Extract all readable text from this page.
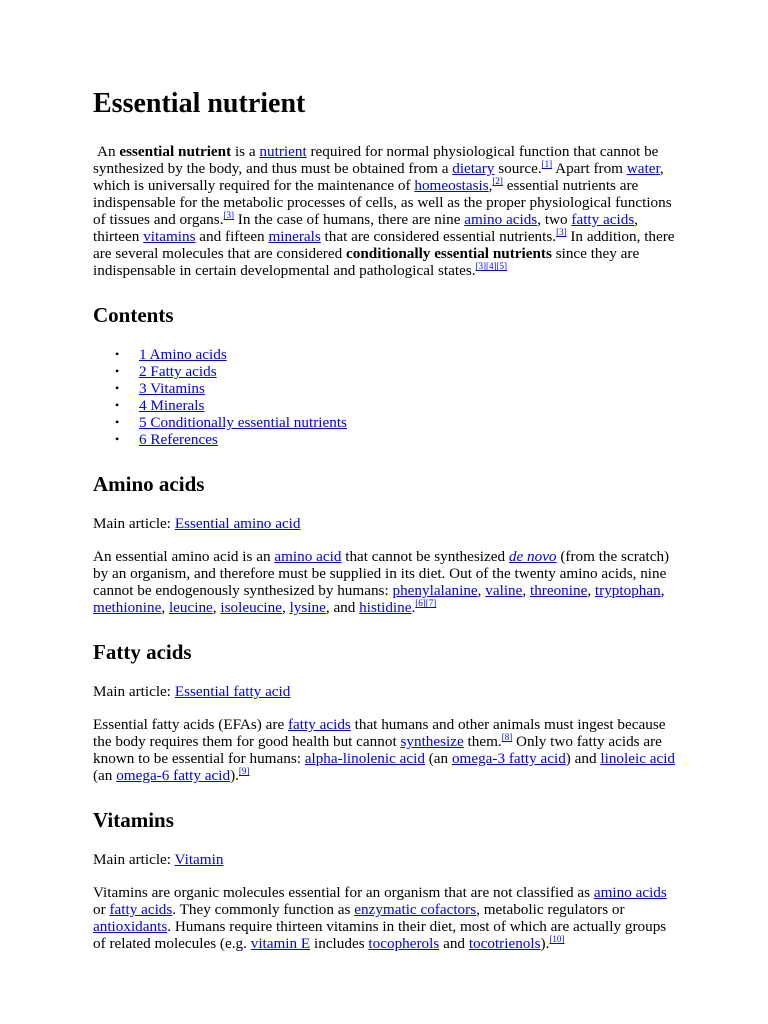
Essential nutrient

An essential nutrient is a nutrient required for normal physiological function that cannot be synthesized by the body, and thus must be obtained from a dietary source.[1] Apart from water, which is universally required for the maintenance of homeostasis,[2] essential nutrients are indispensable for the metabolic processes of cells, as well as the proper physiological functions of tissues and organs.[3] In the case of humans, there are nine amino acids, two fatty acids, thirteen vitamins and fifteen minerals that are considered essential nutrients.[3] In addition, there are several molecules that are considered conditionally essential nutrients since they are indispensable in certain developmental and pathological states.[3][4][5]

Contents
• 1 Amino acids
• 2 Fatty acids
• 3 Vitamins
• 4 Minerals
• 5 Conditionally essential nutrients
• 6 References
Amino acids

Main article: Essential amino acid

An essential amino acid is an amino acid that cannot be synthesized de novo (from the scratch) by an organism, and therefore must be supplied in its diet. Out of the twenty amino acids, nine cannot be endogenously synthesized by humans: phenylalanine, valine, threonine, tryptophan, methionine, leucine, isoleucine, lysine, and histidine.[6][7]

Fatty acids

Main article: Essential fatty acid

Essential fatty acids (EFAs) are fatty acids that humans and other animals must ingest because the body requires them for good health but cannot synthesize them.[8] Only two fatty acids are known to be essential for humans: alpha-linolenic acid (an omega-3 fatty acid) and linoleic acid (an omega-6 fatty acid).[9]

Vitamins

Main article: Vitamin

Vitamins are organic molecules essential for an organism that are not classified as amino acids or fatty acids. They commonly function as enzymatic cofactors, metabolic regulators or antioxidants. Humans require thirteen vitamins in their diet, most of which are actually groups of related molecules (e.g. vitamin E includes tocopherols and tocotrienols).[10]
